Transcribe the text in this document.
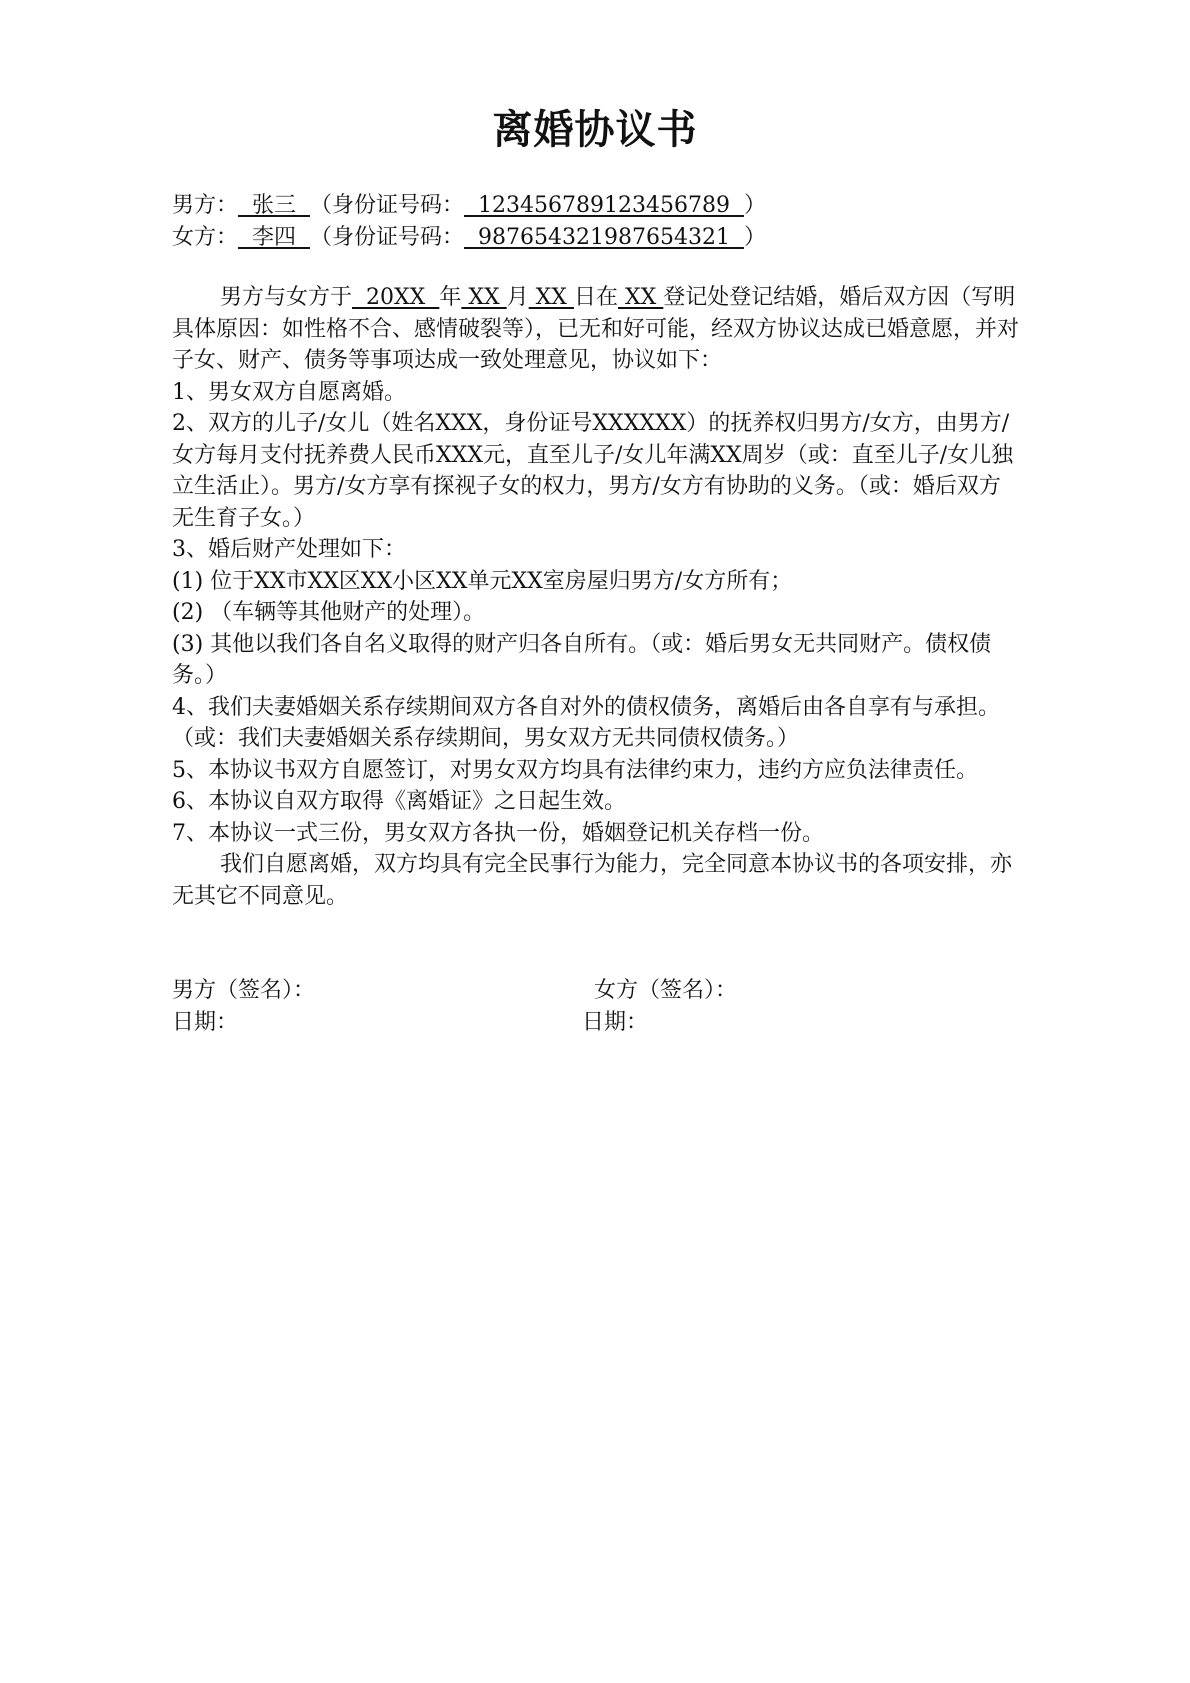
离婚协议书
男方：  张三  （身份证号码：  123456789123456789  ）
女方：  李四  （身份证号码：  987654321987654321  ）

男方与女方于  20XX  年 XX 月 XX 日在 XX 登记处登记结婚，婚后双方因（写明具体原因：如性格不合、感情破裂等），已无和好可能，经双方协议达成已婚意愿，并对子女、财产、债务等事项达成一致处理意见，协议如下：

1、男女双方自愿离婚。

2、双方的儿子/女儿（姓名XXX，身份证号XXXXXX）的抚养权归男方/女方，由男方/女方每月支付抚养费人民币XXX元，直至儿子/女儿年满XX周岁（或：直至儿子/女儿独立生活止）。男方/女方享有探视子女的权力，男方/女方有协助的义务。（或：婚后双方无生育子女。）

3、婚后财产处理如下：

(1) 位于XX市XX区XX小区XX单元XX室房屋归男方/女方所有；

(2) （车辆等其他财产的处理）。

(3) 其他以我们各自名义取得的财产归各自所有。（或：婚后男女无共同财产。债权债务。）

4、我们夫妻婚姻关系存续期间双方各自对外的债权债务，离婚后由各自享有与承担。（或：我们夫妻婚姻关系存续期间，男女双方无共同债权债务。）

5、本协议书双方自愿签订，对男女双方均具有法律约束力，违约方应负法律责任。

6、本协议自双方取得《离婚证》之日起生效。

7、本协议一式三份，男女双方各执一份，婚姻登记机关存档一份。

我们自愿离婚，双方均具有完全民事行为能力，完全同意本协议书的各项安排，亦无其它不同意见。

男方（签名）：	女方（签名）：
日期：	日期：
